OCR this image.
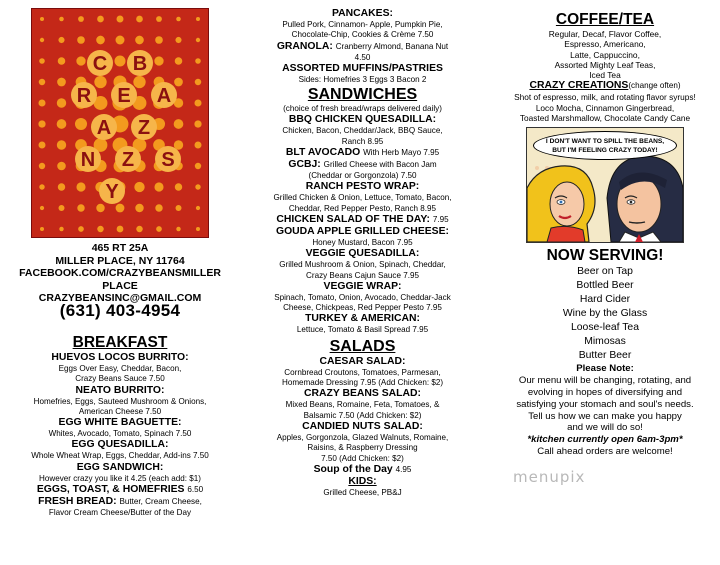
C B
R E A
A Z
N Z S
Y
465 RT 25A
MILLER PLACE, NY 11764
FACEBOOK.COM/CRAZYBEANSMILLER
PLACE
CRAZYBEANSINC@GMAIL.COM
(631) 403-4954
BREAKFAST
HUEVOS LOCOS BURRITO:
Eggs Over Easy, Cheddar, Bacon,
Crazy Beans Sauce 7.50
NEATO BURRITO:
Homefries, Eggs, Sauteed Mushroom & Onions,
American Cheese 7.50
EGG WHITE BAGUETTE:
Whites, Avocado, Tomato, Spinach 7.50
EGG QUESADILLA:
Whole Wheat Wrap, Eggs, Cheddar, Add-ins 7.50
EGG SANDWICH:
However crazy you like it 4.25 (each add: $1)
EGGS, TOAST, & HOMEFRIES 6.50
FRESH BREAD: Butter, Cream Cheese,
Flavor Cream Cheese/Butter of the Day
PANCAKES:
Pulled Pork, Cinnamon- Apple, Pumpkin Pie,
Chocolate-Chip, Cookies & Crème 7.50
GRANOLA: Cranberry Almond, Banana Nut
4.50
ASSORTED MUFFINS/PASTRIES
Sides: Homefries 3 Eggs 3 Bacon 2
SANDWICHES
(choice of fresh bread/wraps delivered daily)
BBQ CHICKEN QUESADILLA:
Chicken, Bacon, Cheddar/Jack, BBQ Sauce,
Ranch 8.95
BLT AVOCADO With Herb Mayo 7.95
GCBJ: Grilled Cheese with Bacon Jam
(Cheddar or Gorgonzola) 7.50
RANCH PESTO WRAP:
Grilled Chicken & Onion, Lettuce, Tomato, Bacon,
Cheddar, Red Pepper Pesto, Ranch 8.95
CHICKEN SALAD OF THE DAY: 7.95
GOUDA APPLE GRILLED CHEESE:
Honey Mustard, Bacon 7.95
VEGGIE QUESADILLA:
Grilled Mushroom & Onion, Spinach, Cheddar,
Crazy Beans Cajun Sauce 7.95
VEGGIE WRAP:
Spinach, Tomato, Onion, Avocado, Cheddar-Jack
Cheese, Chickpeas, Red Pepper Pesto 7.95
TURKEY & AMERICAN:
Lettuce, Tomato & Basil Spread 7.95
SALADS
CAESAR SALAD:
Cornbread Croutons, Tomatoes, Parmesan,
Homemade Dressing 7.95 (Add Chicken: $2)
CRAZY BEANS SALAD:
Mixed Beans, Romaine, Feta, Tomatoes, &
Balsamic 7.50 (Add Chicken: $2)
CANDIED NUTS SALAD:
Apples, Gorgonzola, Glazed Walnuts, Romaine,
Raisins, & Raspberry Dressing
7.50 (Add Chicken: $2)
Soup of the Day 4.95
KIDS:
Grilled Cheese, PB&J
COFFEE/TEA
Regular, Decaf, Flavor Coffee,
Espresso, Americano,
Latte, Cappuccino,
Assorted Mighty Leaf Teas,
Iced Tea
CRAZY CREATIONS(change often)
Shot of espresso, milk, and rotating flavor syrups!
Loco Mocha, Cinnamon Gingerbread,
Toasted Marshmallow, Chocolate Candy Cane
I DON'T WANT TO SPILL THE BEANS,
BUT I'M FEELING CRAZY TODAY!
NOW SERVING!
Beer on Tap
Bottled Beer
Hard Cider
Wine by the Glass
Loose-leaf Tea
Mimosas
Butter Beer
Please Note:
Our menu will be changing, rotating, and
evolving in hopes of diversifying and
satisfying your stomach and soul's needs.
Tell us how we can make you happy
and we will do so!
*kitchen currently open 6am-3pm*
Call ahead orders are welcome!
menupix
